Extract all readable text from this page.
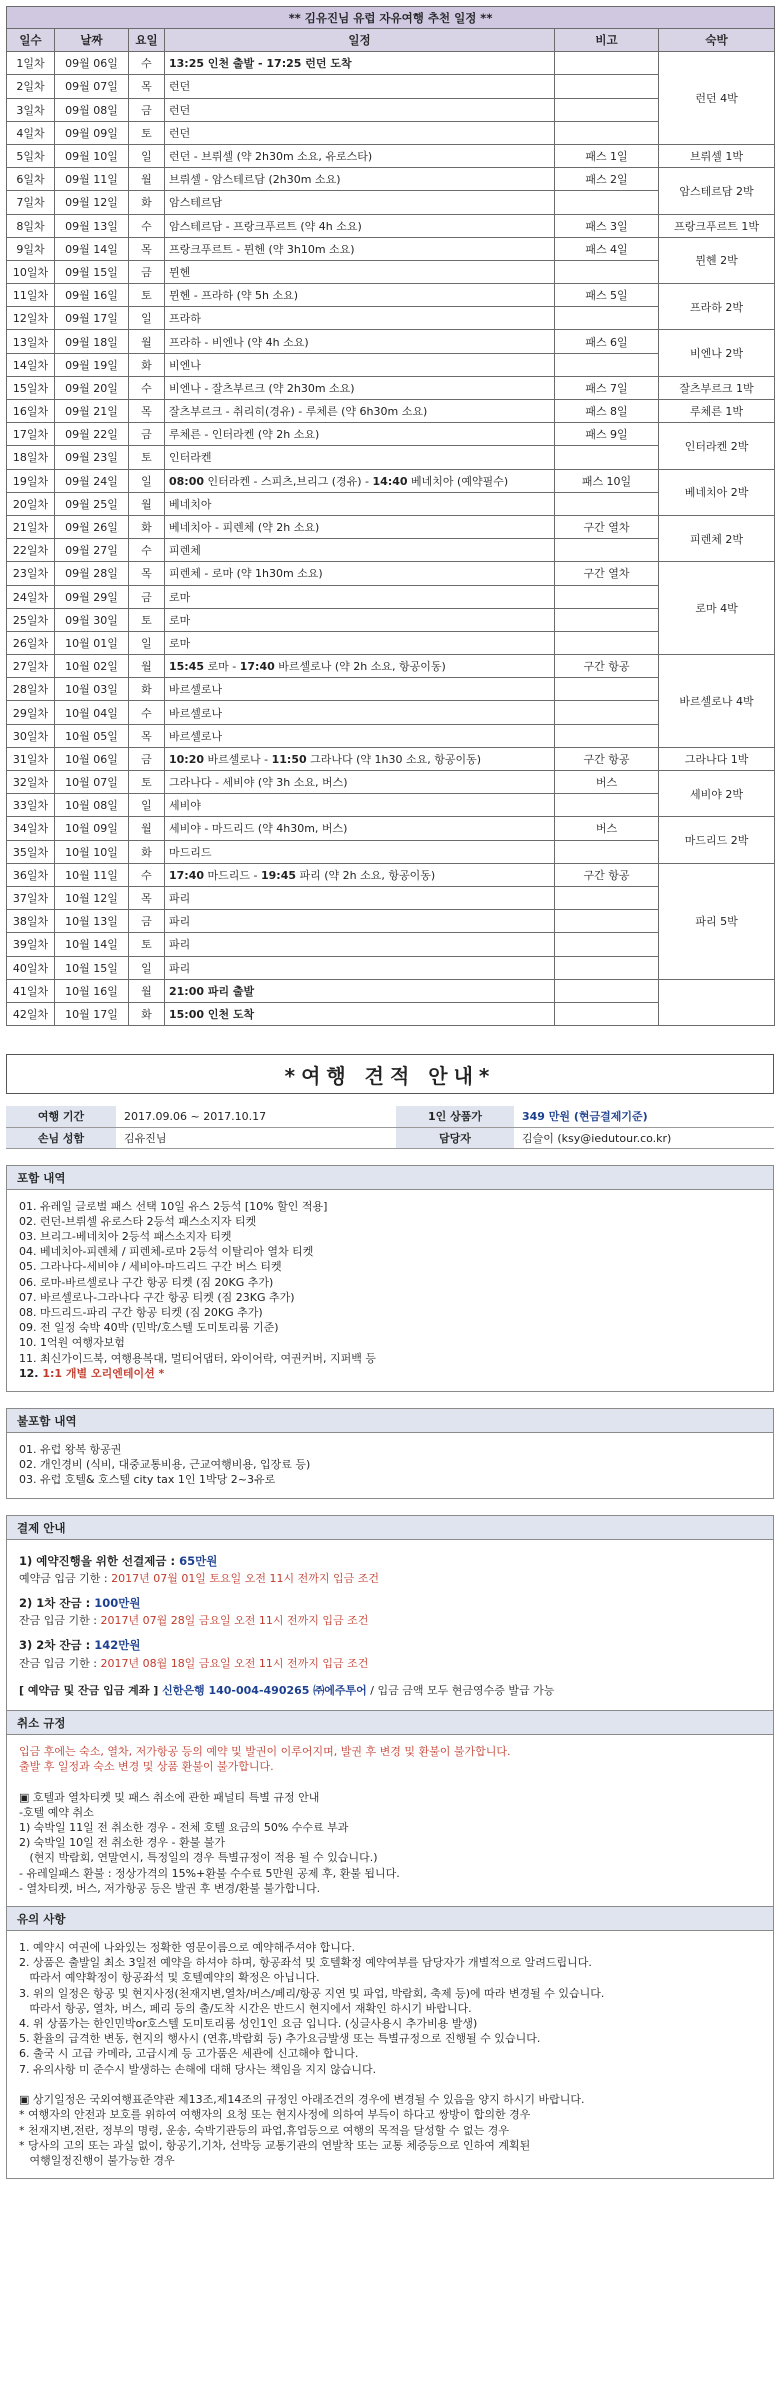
** 김유진님 유럽 자유여행 추천 일정 **					
일수	날짜	요일	일정	비고	숙박
1일차	09월 06일	수	13:25 인천 출발 - 17:25 런던 도착		런던 4박
2일차	09월 07일	목	런던		
3일차	09월 08일	금	런던		
4일차	09월 09일	토	런던		
5일차	09월 10일	일	런던 - 브뤼셀 (약 2h30m 소요, 유로스타)	패스 1일	브뤼셀 1박
6일차	09월 11일	월	브뤼셀 - 암스테르담 (2h30m 소요)	패스 2일	암스테르담 2박
7일차	09월 12일	화	암스테르담		
8일차	09월 13일	수	암스테르담 - 프랑크푸르트 (약 4h 소요)	패스 3일	프랑크푸르트 1박
9일차	09월 14일	목	프랑크푸르트 - 뮌헨 (약 3h10m 소요)	패스 4일	뮌헨 2박
10일차	09월 15일	금	뮌헨		
11일차	09월 16일	토	뮌헨 - 프라하 (약 5h 소요)	패스 5일	프라하 2박
12일차	09월 17일	일	프라하		
13일차	09월 18일	월	프라하 - 비엔나 (약 4h 소요)	패스 6일	비엔나 2박
14일차	09월 19일	화	비엔나		
15일차	09월 20일	수	비엔나 - 잘츠부르크 (약 2h30m 소요)	패스 7일	잘츠부르크 1박
16일차	09월 21일	목	잘츠부르크 - 취리히(경유) - 루체른 (약 6h30m 소요)	패스 8일	루체른 1박
17일차	09월 22일	금	루체른 - 인터라켄 (약 2h 소요)	패스 9일	인터라켄 2박
18일차	09월 23일	토	인터라켄		
19일차	09월 24일	일	08:00 인터라켄 - 스피츠,브리그 (경유) - 14:40 베네치아 (예약필수)	패스 10일	베네치아 2박
20일차	09월 25일	월	베네치아		
21일차	09월 26일	화	베네치아 - 피렌체 (약 2h 소요)	구간 열차	피렌체 2박
22일차	09월 27일	수	피렌체		
23일차	09월 28일	목	피렌체 - 로마 (약 1h30m 소요)	구간 열차	로마 4박
24일차	09월 29일	금	로마		
25일차	09월 30일	토	로마		
26일차	10월 01일	일	로마		
27일차	10월 02일	월	15:45 로마 - 17:40 바르셀로나 (약 2h 소요, 항공이동)	구간 항공	바르셀로나 4박
28일차	10월 03일	화	바르셀로나		
29일차	10월 04일	수	바르셀로나		
30일차	10월 05일	목	바르셀로나		
31일차	10월 06일	금	10:20 바르셀로나 - 11:50 그라나다 (약 1h30 소요, 항공이동)	구간 항공	그라나다 1박
32일차	10월 07일	토	그라나다 - 세비야 (약 3h 소요, 버스)	버스	세비야 2박
33일차	10월 08일	일	세비야		
34일차	10월 09일	월	세비야 - 마드리드 (약 4h30m, 버스)	버스	마드리드 2박
35일차	10월 10일	화	마드리드		
36일차	10월 11일	수	17:40 마드리드 - 19:45 파리 (약 2h 소요, 항공이동)	구간 항공	파리 5박
37일차	10월 12일	목	파리		
38일차	10월 13일	금	파리		
39일차	10월 14일	토	파리		
40일차	10월 15일	일	파리		
41일차	10월 16일	월	21:00 파리 출발		
42일차	10월 17일	화	15:00 인천 도착		
*여행 견적 안내*
여행 기간	2017.09.06 ~ 2017.10.17	1인 상품가	349 만원 (현금결제기준)
손님 성함	김유진님	담당자	김슬이 (ksy@iedutour.co.kr)
포함 내역
01. 유레일 글로벌 패스 선택 10일 유스 2등석 [10% 할인 적용]
02. 런던-브뤼셀 유로스타 2등석 패스소지자 티켓
03. 브리그-베네치아 2등석 패스소지자 티켓
04. 베네치아-피렌체 / 피렌체-로마 2등석 이탈리아 열차 티켓
05. 그라나다-세비야 / 세비야-마드리드 구간 버스 티켓
06. 로마-바르셀로나 구간 항공 티켓 (짐 20KG 추가)
07. 바르셀로나-그라나다 구간 항공 티켓 (짐 23KG 추가)
08. 마드리드-파리 구간 항공 티켓 (짐 20KG 추가)
09. 전 일정 숙박 40박 (민박/호스텔 도미토리룸 기준)
10. 1억원 여행자보험
11. 최신가이드북, 여행용복대, 멀티어댑터, 와이어락, 여권커버, 지퍼백 등
12. 1:1 개별 오리엔테이션 *
불포함 내역
01. 유럽 왕복 항공권
02. 개인경비 (식비, 대중교통비용, 근교여행비용, 입장료 등)
03. 유럽 호텔& 호스텔 city tax 1인 1박당 2~3유로
결제 안내
1) 예약진행을 위한 선결제금 : 65만원
예약금 입금 기한 : 2017년 07월 01일 토요일 오전 11시 전까지 입금 조건
2) 1차 잔금 : 100만원
잔금 입금 기한 : 2017년 07월 28일 금요일 오전 11시 전까지 입금 조건
3) 2차 잔금 : 142만원
잔금 입금 기한 : 2017년 08월 18일 금요일 오전 11시 전까지 입금 조건
[ 예약금 및 잔금 입금 계좌 ] 신한은행 140-004-490265 ㈜에주투어 / 입금 금액 모두 현금영수증 발급 가능
취소 규정
입금 후에는 숙소, 열차, 저가항공 등의 예약 및 발권이 이루어지며, 발권 후 변경 및 환불이 불가합니다.
출발 후 일정과 숙소 변경 및 상품 환불이 불가합니다.

▣ 호텔과 열차티켓 및 패스 취소에 관한 패널티 특별 규정 안내
-호텔 예약 취소
1) 숙박일 11일 전 취소한 경우 - 전체 호텔 요금의 50% 수수료 부과
2) 숙박일 10일 전 취소한 경우 - 환불 불가
(현지 박람회, 연말연시, 특정일의 경우 특별규정이 적용 될 수 있습니다.)
- 유레일패스 환불 : 정상가격의 15%+환불 수수료 5만원 공제 후, 환불 됩니다.
- 열차티켓, 버스, 저가항공 등은 발권 후 변경/환불 불가합니다.
유의 사항
1. 예약시 여권에 나와있는 정확한 영문이름으로 예약해주셔야 합니다.
2. 상품은 출발일 최소 3일전 예약을 하셔야 하며, 항공좌석 및 호텔확정 예약여부를 담당자가 개별적으로 알려드립니다.
따라서 예약확정이 항공좌석 및 호텔예약의 확정은 아닙니다.
3. 위의 일정은 항공 및 현지사정(천재지변,열차/버스/페리/항공 지연 및 파업, 박람회, 축제 등)에 따라 변경될 수 있습니다.
따라서 항공, 열차, 버스, 페리 등의 출/도착 시간은 반드시 현지에서 재확인 하시기 바랍니다.
4. 위 상품가는 한인민박or호스텔 도미토리룸 성인1인 요금 입니다. (싱글사용시 추가비용 발생)
5. 환율의 급격한 변동, 현지의 행사시 (연휴,박람회 등) 추가요금발생 또는 특별규정으로 진행될 수 있습니다.
6. 출국 시 고급 카메라, 고급시계 등 고가품은 세관에 신고해야 합니다.
7. 유의사항 미 준수시 발생하는 손해에 대해 당사는 책임을 지지 않습니다.

▣ 상기일정은 국외여행표준약관 제13조,제14조의 규정인 아래조건의 경우에 변경될 수 있음을 양지 하시기 바랍니다.
* 여행자의 안전과 보호를 위하여 여행자의 요청 또는 현지사정에 의하여 부득이 하다고 쌍방이 합의한 경우
* 천재지변,전란, 정부의 명령, 운송, 숙박기관등의 파업,휴업등으로 여행의 목적을 달성할 수 없는 경우
* 당사의 고의 또는 과실 없이, 항공기,기차, 선박등 교통기관의 연발착 또는 교통 체증등으로 인하여 계획된
여행일정진행이 불가능한 경우
